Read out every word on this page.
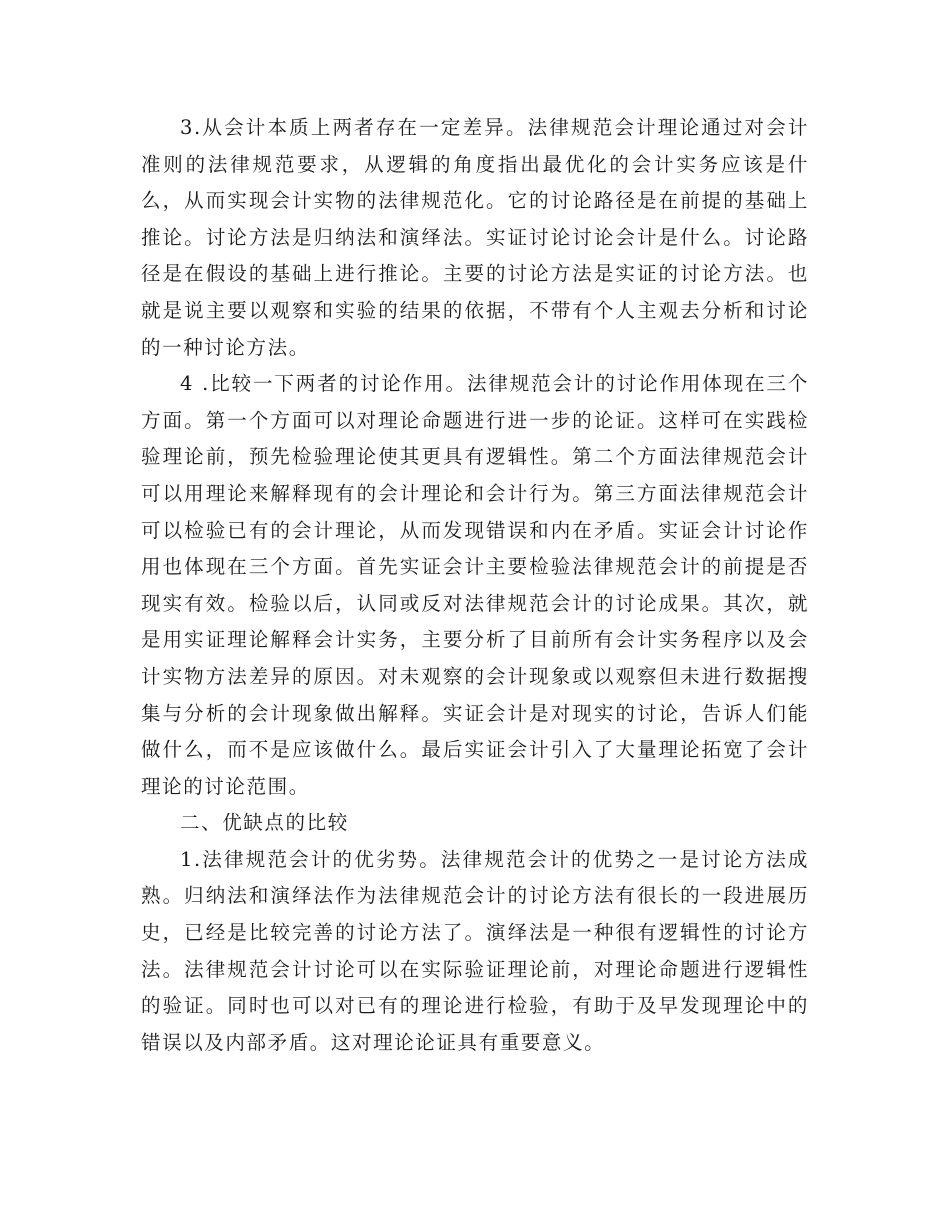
3.从会计本质上两者存在一定差异。法律规范会计理论通过对会计准则的法律规范要求，从逻辑的角度指出最优化的会计实务应该是什么，从而实现会计实物的法律规范化。它的讨论路径是在前提的基础上推论。讨论方法是归纳法和演绎法。实证讨论讨论会计是什么。讨论路径是在假设的基础上进行推论。主要的讨论方法是实证的讨论方法。也就是说主要以观察和实验的结果的依据，不带有个人主观去分析和讨论的一种讨论方法。

4 .比较一下两者的讨论作用。法律规范会计的讨论作用体现在三个方面。第一个方面可以对理论命题进行进一步的论证。这样可在实践检验理论前，预先检验理论使其更具有逻辑性。第二个方面法律规范会计可以用理论来解释现有的会计理论和会计行为。第三方面法律规范会计可以检验已有的会计理论，从而发现错误和内在矛盾。实证会计讨论作用也体现在三个方面。首先实证会计主要检验法律规范会计的前提是否现实有效。检验以后，认同或反对法律规范会计的讨论成果。其次，就是用实证理论解释会计实务，主要分析了目前所有会计实务程序以及会计实物方法差异的原因。对未观察的会计现象或以观察但未进行数据搜集与分析的会计现象做出解释。实证会计是对现实的讨论，告诉人们能做什么，而不是应该做什么。最后实证会计引入了大量理论拓宽了会计理论的讨论范围。

二、优缺点的比较

1.法律规范会计的优劣势。法律规范会计的优势之一是讨论方法成熟。归纳法和演绎法作为法律规范会计的讨论方法有很长的一段进展历史，已经是比较完善的讨论方法了。演绎法是一种很有逻辑性的讨论方法。法律规范会计讨论可以在实际验证理论前，对理论命题进行逻辑性的验证。同时也可以对已有的理论进行检验，有助于及早发现理论中的错误以及内部矛盾。这对理论论证具有重要意义。
